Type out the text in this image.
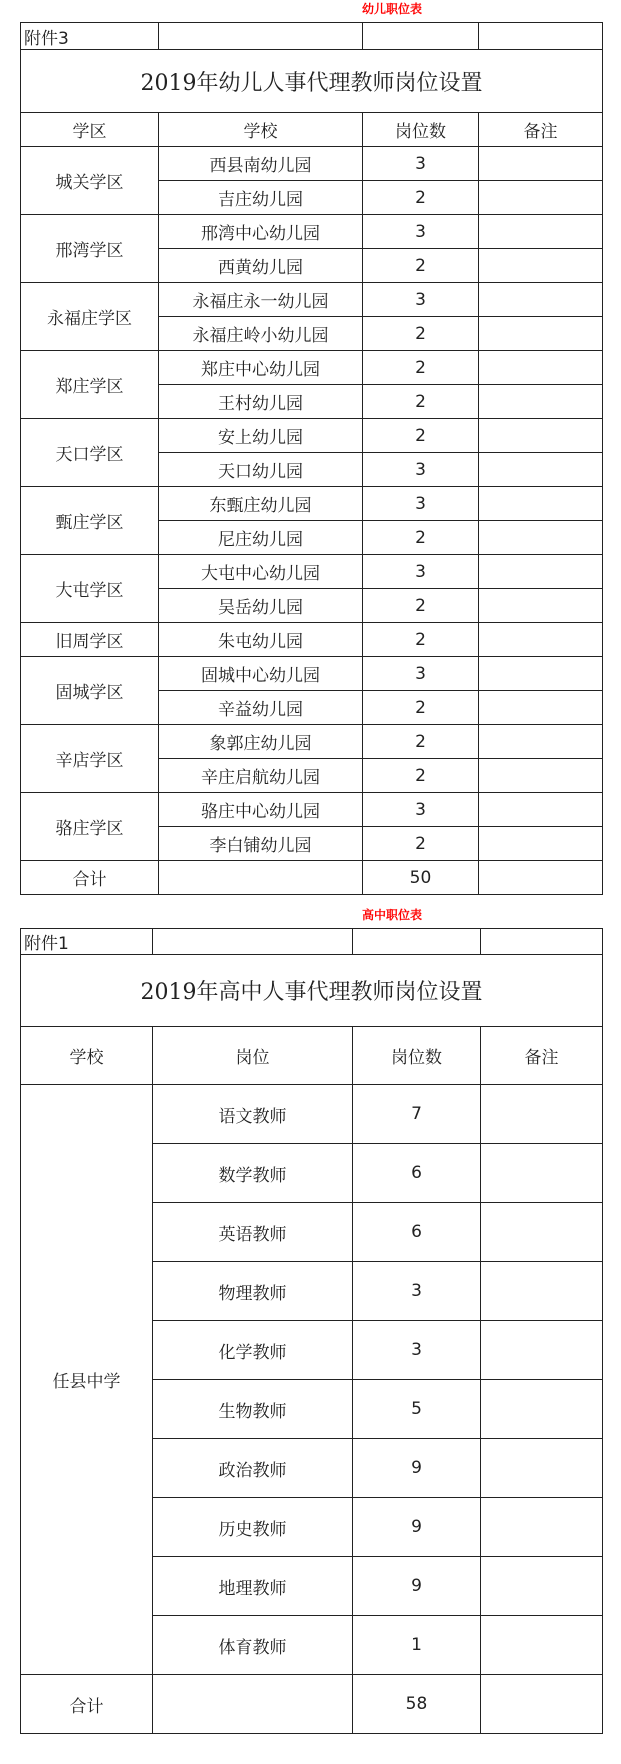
幼儿职位表
附件3			
2019年幼儿人事代理教师岗位设置			
学区	学校	岗位数	备注
城关学区	西县南幼儿园	3	
	吉庄幼儿园	2	
邢湾学区	邢湾中心幼儿园	3	
	西黄幼儿园	2	
永福庄学区	永福庄永一幼儿园	3	
	永福庄岭小幼儿园	2	
郑庄学区	郑庄中心幼儿园	2	
	王村幼儿园	2	
天口学区	安上幼儿园	2	
	天口幼儿园	3	
甄庄学区	东甄庄幼儿园	3	
	尼庄幼儿园	2	
大屯学区	大屯中心幼儿园	3	
	吴岳幼儿园	2	
旧周学区	朱屯幼儿园	2	
固城学区	固城中心幼儿园	3	
	辛益幼儿园	2	
辛店学区	象郭庄幼儿园	2	
	辛庄启航幼儿园	2	
骆庄学区	骆庄中心幼儿园	3	
	李白铺幼儿园	2	
合计		50	
高中职位表
附件1			
2019年高中人事代理教师岗位设置			
学校	岗位	岗位数	备注
任县中学	语文教师	7	
	数学教师	6	
	英语教师	6	
	物理教师	3	
	化学教师	3	
	生物教师	5	
	政治教师	9	
	历史教师	9	
	地理教师	9	
	体育教师	1	
合计		58	
